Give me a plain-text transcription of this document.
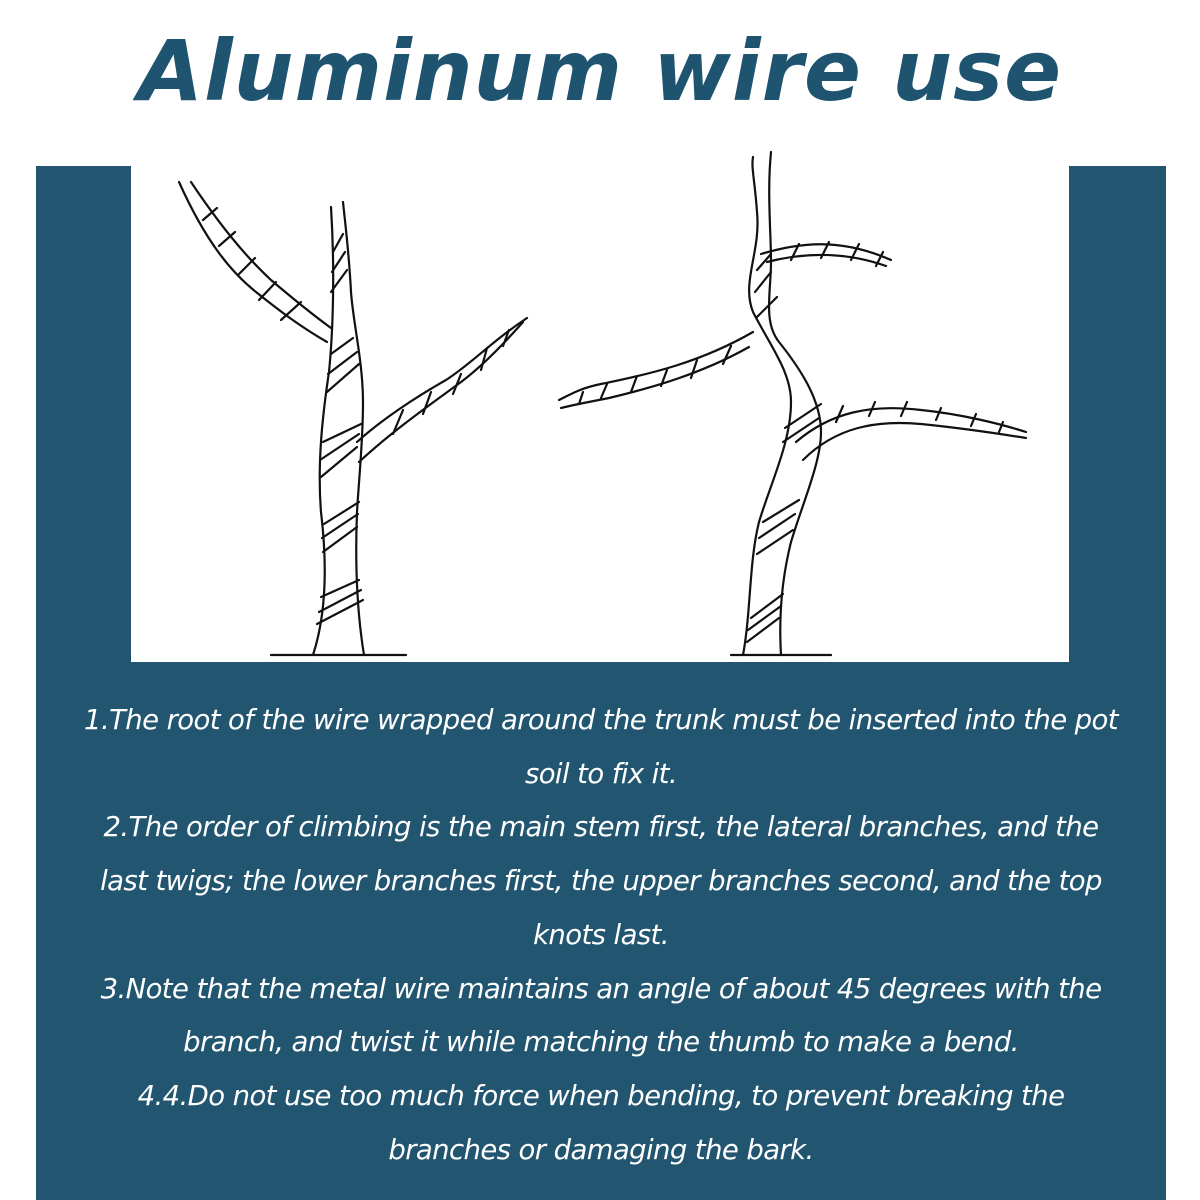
Aluminum wire use

1.The root of the wire wrapped around the trunk must be inserted into the pot soil to fix it.

2.The order of climbing is the main stem first, the lateral branches, and the last twigs; the lower branches first, the upper branches second, and the top knots last.

3.Note that the metal wire maintains an angle of about 45 degrees with the branch, and twist it while matching the thumb to make a bend.

4.4.Do not use too much force when bending, to prevent breaking the branches or damaging the bark.
